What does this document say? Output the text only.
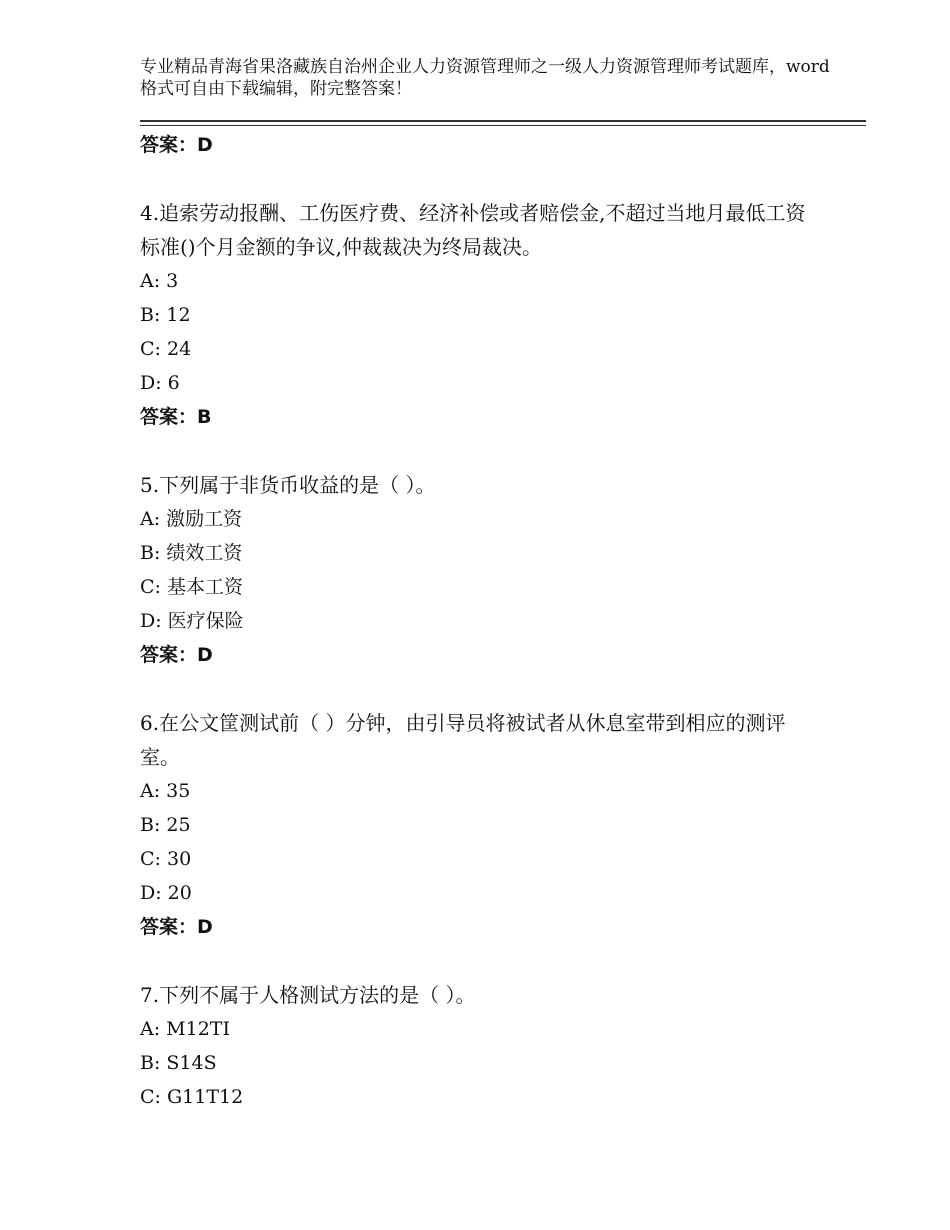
专业精品青海省果洛藏族自治州企业人力资源管理师之一级人力资源管理师考试题库，word格式可自由下载编辑，附完整答案！
答案：D
4.追索劳动报酬、工伤医疗费、经济补偿或者赔偿金,不超过当地月最低工资标准()个月金额的争议,仲裁裁决为终局裁决。
A: 3
B: 12
C: 24
D: 6
答案：B
5.下列属于非货币收益的是（ ）。
A: 激励工资
B: 绩效工资
C: 基本工资
D: 医疗保险
答案：D
6.在公文筐测试前（ ）分钟，由引导员将被试者从休息室带到相应的测评室。
A: 35
B: 25
C: 30
D: 20
答案：D
7.下列不属于人格测试方法的是（ ）。
A: M12TI
B: S14S
C: G11T12
